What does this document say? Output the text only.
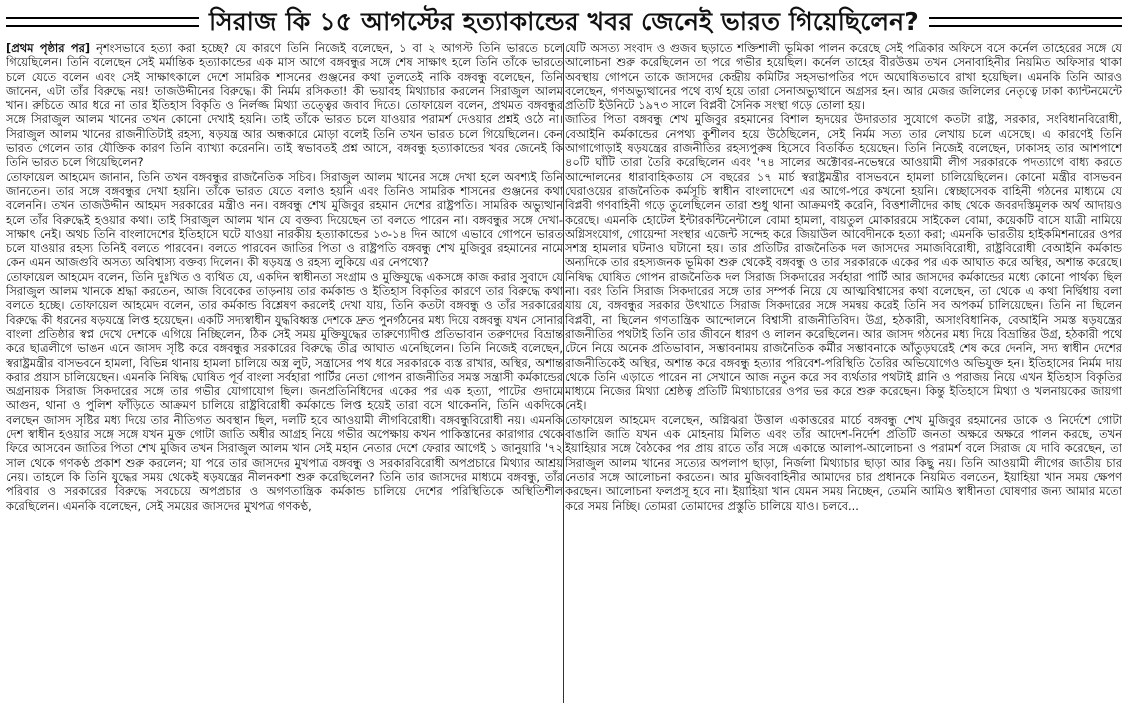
সিরাজ কি ১৫ আগস্টের হত্যাকান্ডের খবর জেনেই ভারত গিয়েছিলেন?

[প্রথম পৃষ্ঠার পর] নৃশংসভাবে হত্যা করা হচ্ছে? যে কারণে তিনি নিজেই বলেছেন, ১ বা ২ আগস্ট তিনি ভারতে চলে গিয়েছিলেন। তিনি বলেছেন সেই মর্মান্তিক হত্যাকান্ডের এক মাস আগে বঙ্গবন্ধুর সঙ্গে শেষ সাক্ষাৎ হলে তিনি তাঁকে ভারতে চলে যেতে বলেন এবং সেই সাক্ষাৎকালে দেশে সামরিক শাসনের গুঞ্জনের কথা তুলতেই নাকি বঙ্গবন্ধু বলেছেন, তিনি জানেন, এটা তাঁর বিরুদ্ধে নয়! তাজউদ্দীনের বিরুদ্ধে। কী নির্মম রসিকতা! কী ভয়াবহ মিথ্যাচার করলেন সিরাজুল আলম খান। রুচিতে আর ধরে না তার ইতিহাস বিকৃতি ও নির্লজ্জ মিথ্যা তত্ত্বের জবাব দিতে। তোফায়েল বলেন, প্রথমত বঙ্গবন্ধুর সঙ্গে সিরাজুল আলম খানের তখন কোনো দেখাই হয়নি। তাই তাঁকে ভারত চলে যাওয়ার পরামর্শ দেওয়ার প্রশ্নই ওঠে না। সিরাজুল আলম খানের রাজনীতিটাই রহস্য, ষড়যন্ত্র আর অন্ধকারে মোড়া বলেই তিনি তখন ভারত চলে গিয়েছিলেন। কেন ভারত গেলেন তার যৌক্তিক কারণ তিনি ব্যাখ্যা করেননি। তাই স্বভাবতই প্রশ্ন আসে, বঙ্গবন্ধু হত্যাকান্ডের খবর জেনেই কি তিনি ভারত চলে গিয়েছিলেন?

তোফায়েল আহমেদ জানান, তিনি তখন বঙ্গবন্ধুর রাজনৈতিক সচিব। সিরাজুল আলম খানের সঙ্গে দেখা হলে অবশ্যই তিনি জানতেন। তার সঙ্গে বঙ্গবন্ধুর দেখা হয়নি। তাঁকে ভারত যেতে বলাও হয়নি এবং তিনিও সামরিক শাসনের গুঞ্জনের কথা বলেননি। তখন তাজউদ্দীন আহমদ সরকারের মন্ত্রীও নন। বঙ্গবন্ধু শেখ মুজিবুর রহমান দেশের রাষ্ট্রপতি। সামরিক অভ্যুত্থান হলে তাঁর বিরুদ্ধেই হওয়ার কথা। তাই সিরাজুল আলম খান যে বক্তব্য দিয়েছেন তা বলতে পারেন না। বঙ্গবন্ধুর সঙ্গে দেখা-সাক্ষাৎ নেই। অথচ তিনি বাংলাদেশের ইতিহাসে ঘটে যাওয়া নারকীয় হত্যাকান্ডের ১৩-১৪ দিন আগে এভাবে গোপনে ভারত চলে যাওয়ার রহস্য তিনিই বলতে পারবেন। বলতে পারবেন জাতির পিতা ও রাষ্ট্রপতি বঙ্গবন্ধু শেখ মুজিবুর রহমানের নামে কেন এমন আজগুবি অসত্য অবিশ্বাস্য বক্তব্য দিলেন। কী ষড়যন্ত্র ও রহস্য লুকিয়ে এর নেপথ্যে?

তোফায়েল আহমেদ বলেন, তিনি দুঃখিত ও ব্যথিত যে, একদিন স্বাধীনতা সংগ্রাম ও মুক্তিযুদ্ধে একসঙ্গে কাজ করার সুবাদে যে সিরাজুল আলম খানকে শ্রদ্ধা করতেন, আজ বিবেকের তাড়নায় তার কর্মকান্ড ও ইতিহাস বিকৃতির কারণে তার বিরুদ্ধে কথা বলতে হচ্ছে। তোফায়েল আহমেদ বলেন, তার কর্মকান্ড বিশ্লেষণ করলেই দেখা যায়, তিনি কতটা বঙ্গবন্ধু ও তাঁর সরকারের বিরুদ্ধে কী ধরনের ষড়যন্ত্রে লিপ্ত হয়েছেন। একটি সদ্যস্বাধীন যুদ্ধবিধ্বস্ত দেশকে দ্রুত পুনর্গঠনের মধ্য দিয়ে বঙ্গবন্ধু যখন সোনার বাংলা প্রতিষ্ঠার স্বপ্ন দেখে দেশকে এগিয়ে নিচ্ছিলেন, ঠিক সেই সময় মুক্তিযুদ্ধের তারুণ্যোদীপ্ত প্রতিভাবান তরুণদের বিভ্রান্ত করে ছাত্রলীগে ভাঙন এনে জাসদ সৃষ্টি করে বঙ্গবন্ধুর সরকারের বিরুদ্ধে তীব্র আঘাত এনেছিলেন। তিনি নিজেই বলেছেন, স্বরাষ্ট্রমন্ত্রীর বাসভবনে হামলা, বিভিন্ন থানায় হামলা চালিয়ে অস্ত্র লুট, সন্ত্রাসের পথ ধরে সরকারকে ব্যস্ত রাখার, অস্থির, অশান্ত করার প্রয়াস চালিয়েছেন। এমনকি নিষিদ্ধ ঘোষিত পূর্ব বাংলা সর্বহারা পার্টির নেতা গোপন রাজনীতির সমস্ত সন্ত্রাসী কর্মকান্ডের অগ্রনায়ক সিরাজ সিকদারের সঙ্গে তার গভীর যোগাযোগ ছিল। জনপ্রতিনিধিদের একের পর এক হত্যা, পাটের গুদামে আগুন, থানা ও পুলিশ ফাঁড়িতে আক্রমণ চালিয়ে রাষ্ট্রবিরোধী কর্মকান্ডে লিপ্ত হয়েই তারা বসে থাকেননি, তিনি একদিকে বলছেন জাসদ সৃষ্টির মধ্য দিয়ে তার নীতিগত অবস্থান ছিল, দলটি হবে আওয়ামী লীগবিরোধী। বঙ্গবন্ধুবিরোধী নয়। এমনকি দেশ স্বাধীন হওয়ার সঙ্গে সঙ্গে যখন মুক্ত গোটা জাতি অধীর আগ্রহ নিয়ে গভীর অপেক্ষায় কখন পাকিস্তানের কারাগার থেকে ফিরে আসবেন জাতির পিতা শেখ মুজিব তখন সিরাজুল আলম খান সেই মহান নেতার দেশে ফেরার আগেই ১ জানুয়ারি '৭২ সাল থেকে গণকণ্ঠ প্রকাশ শুরু করলেন; যা পরে তার জাসদের মুখপাত্র বঙ্গবন্ধু ও সরকারবিরোধী অপপ্রচারে মিথ্যার আশ্রয় নেয়। তাহলে কি তিনি যুদ্ধের সময় থেকেই ষড়যন্ত্রের নীলনকশা শুরু করেছিলেন? তিনি তার জাসদের মাধ্যমে বঙ্গবন্ধু, তাঁর পরিবার ও সরকারের বিরুদ্ধে সবচেয়ে অপপ্রচার ও অগণতান্ত্রিক কর্মকান্ড চালিয়ে দেশের পরিস্থিতিকে অস্থিতিশীল করেছিলেন। এমনকি বলেছেন, সেই সময়ের জাসদের মুখপত্র গণকণ্ঠ,

যেটি অসত্য সংবাদ ও গুজব ছড়াতে শক্তিশালী ভূমিকা পালন করেছে সেই পত্রিকার অফিসে বসে কর্নেল তাহেরের সঙ্গে যে আলোচনা শুরু করেছিলেন তা পরে গভীর হয়েছিল। কর্নেল তাহের বীরউত্তম তখন সেনাবাহিনীর নিয়মিত অফিসার থাকা অবস্থায় গোপনে তাকে জাসদের কেন্দ্রীয় কমিটির সহসভাপতির পদে অঘোষিতভাবে রাখা হয়েছিল। এমনকি তিনি আরও বলেছেন, গণঅভ্যুত্থানের পথে ব্যর্থ হয়ে তারা সেনাঅভ্যুত্থানে অগ্রসর হন। আর মেজর জলিলের নেতৃত্বে ঢাকা ক্যান্টনমেন্টে প্রতিটি ইউনিটে ১৯৭৩ সালে বিপ্লবী সৈনিক সংস্থা গড়ে তোলা হয়।

জাতির পিতা বঙ্গবন্ধু শেখ মুজিবুর রহমানের বিশাল হৃদয়ের উদারতার সুযোগে কতটা রাষ্ট্র, সরকার, সংবিধানবিরোধী, বেআইনি কর্মকান্ডের নেপথ্য কুশীলব হয়ে উঠেছিলেন, সেই নির্মম সত্য তার লেখায় চলে এসেছে। এ কারণেই তিনি আগাগোড়াই ষড়যন্ত্রের রাজনীতির রহস্যপুরুষ হিসেবে বিতর্কিত হয়েছেন। তিনি নিজেই বলেছেন, ঢাকাসহ তার আশপাশে ৪০টি ঘাঁটি তারা তৈরি করেছিলেন এবং '৭৪ সালের অক্টোবর-নভেম্বরে আওয়ামী লীগ সরকারকে পদত্যাগে বাধ্য করতে আন্দোলনের ধারাবাহিকতায় সে বছরের ১৭ মার্চ স্বরাষ্ট্রমন্ত্রীর বাসভবনে হামলা চালিয়েছিলেন। কোনো মন্ত্রীর বাসভবন ঘেরাওয়ের রাজনৈতিক কর্মসূচি স্বাধীন বাংলাদেশে এর আগে-পরে কখনো হয়নি। স্বেচ্ছাসেবক বাহিনী গঠনের মাধ্যমে যে বিপ্লবী গণবাহিনী গড়ে তুলেছিলেন তারা শুধু থানা আক্রমণই করেনি, বিত্তশালীদের কাছ থেকে জবরদস্তিমূলক অর্থ আদায়ও করেছে। এমনকি হোটেল ইন্টারকন্টিনেন্টালে বোমা হামলা, বায়তুল মোকাররমে সাইকেল বোমা, কয়েকটি বাসে যাত্রী নামিয়ে অগ্নিসংযোগ, গোয়েন্দা সংস্থার এজেন্ট সন্দেহ করে জিয়াউল আবেদীনকে হত্যা করা; এমনকি ভারতীয় হাইকমিশনারের ওপর সশস্ত্র হামলার ঘটনাও ঘটানো হয়। তার প্রতিটির রাজনৈতিক দল জাসদের সমাজবিরোধী, রাষ্ট্রবিরোধী বেআইনি কর্মকান্ড অন্যদিকে তার রহস্যজনক ভূমিকা শুরু থেকেই বঙ্গবন্ধু ও তার সরকারকে একের পর এক আঘাত করে অস্থির, অশান্ত করেছে। নিষিদ্ধ ঘোষিত গোপন রাজনৈতিক দল সিরাজ সিকদারের সর্বহারা পার্টি আর জাসদের কর্মকান্ডের মধ্যে কোনো পার্থক্য ছিল না। বরং তিনি সিরাজ সিকদারের সঙ্গে তার সম্পর্ক নিয়ে যে আত্মবিশ্বাসের কথা বলেছেন, তা থেকে এ কথা নির্দ্বিধায় বলা যায় যে, বঙ্গবন্ধুর সরকার উৎখাতে সিরাজ সিকদারের সঙ্গে সমন্বয় করেই তিনি সব অপকর্ম চালিয়েছেন। তিনি না ছিলেন বিপ্লবী, না ছিলেন গণতান্ত্রিক আন্দোলনে বিশ্বাসী রাজনীতিবিদ। উগ্র, হঠকারী, অসাংবিধানিক, বেআইনি সমস্ত ষড়যন্ত্রের রাজনীতির পথটাই তিনি তার জীবনে ধারণ ও লালন করেছিলেন। আর জাসদ গঠনের মধ্য দিয়ে বিভ্রান্তির উগ্র, হঠকারী পথে টেনে নিয়ে অনেক প্রতিভাবান, সম্ভাবনাময় রাজনৈতিক কর্মীর সম্ভাবনাকে আঁতুড়ঘরেই শেষ করে দেননি, সদ্য স্বাধীন দেশের রাজনীতিকেই অস্থির, অশান্ত করে বঙ্গবন্ধু হত্যার পরিবেশ-পরিস্থিতি তৈরির অভিযোগেও অভিযুক্ত হন। ইতিহাসের নির্মম দায় থেকে তিনি এড়াতে পারেন না সেখানে আজ নতুন করে সব ব্যর্থতার পথটাই গ্লানি ও পরাজয় নিয়ে এখন ইতিহাস বিকৃতির মাধ্যমে নিজের মিথ্যা শ্রেষ্ঠত্ব প্রতিটি মিথ্যাচারের ওপর ভর করে শুরু করেছেন। কিন্তু ইতিহাসে মিথ্যা ও খলনায়কের জায়গা নেই।

তোফায়েল আহমেদ বলেছেন, অগ্নিঝরা উত্তাল একাত্তরের মার্চে বঙ্গবন্ধু শেখ মুজিবুর রহমানের ডাকে ও নির্দেশে গোটা বাঙালি জাতি যখন এক মোহনায় মিলিত এবং তাঁর আদেশ-নির্দেশ প্রতিটি জনতা অক্ষরে অক্ষরে পালন করছে, তখন ইয়াহিয়ার সঙ্গে বৈঠকের পর প্রায় রাতে তাঁর সঙ্গে একান্তে আলাপ-আলোচনা ও পরামর্শ বলে সিরাজ যে দাবি করেছেন, তা সিরাজুল আলম খানের সত্যের অপলাপ ছাড়া, নির্জলা মিথ্যাচার ছাড়া আর কিছু নয়। তিনি আওয়ামী লীগের জাতীয় চার নেতার সঙ্গে আলোচনা করতেন। আর মুজিববাহিনীর আমাদের চার প্রধানকে নিয়মিত বলতেন, ইয়াহিয়া খান সময় ক্ষেপণ করছেন। আলোচনা ফলপ্রসূ হবে না। ইয়াহিয়া খান যেমন সময় নিচ্ছেন, তেমনি আমিও স্বাধীনতা ঘোষণার জন্য আমার মতো করে সময় নিচ্ছি। তোমরা তোমাদের প্রস্তুতি চালিয়ে যাও। চলবে...
